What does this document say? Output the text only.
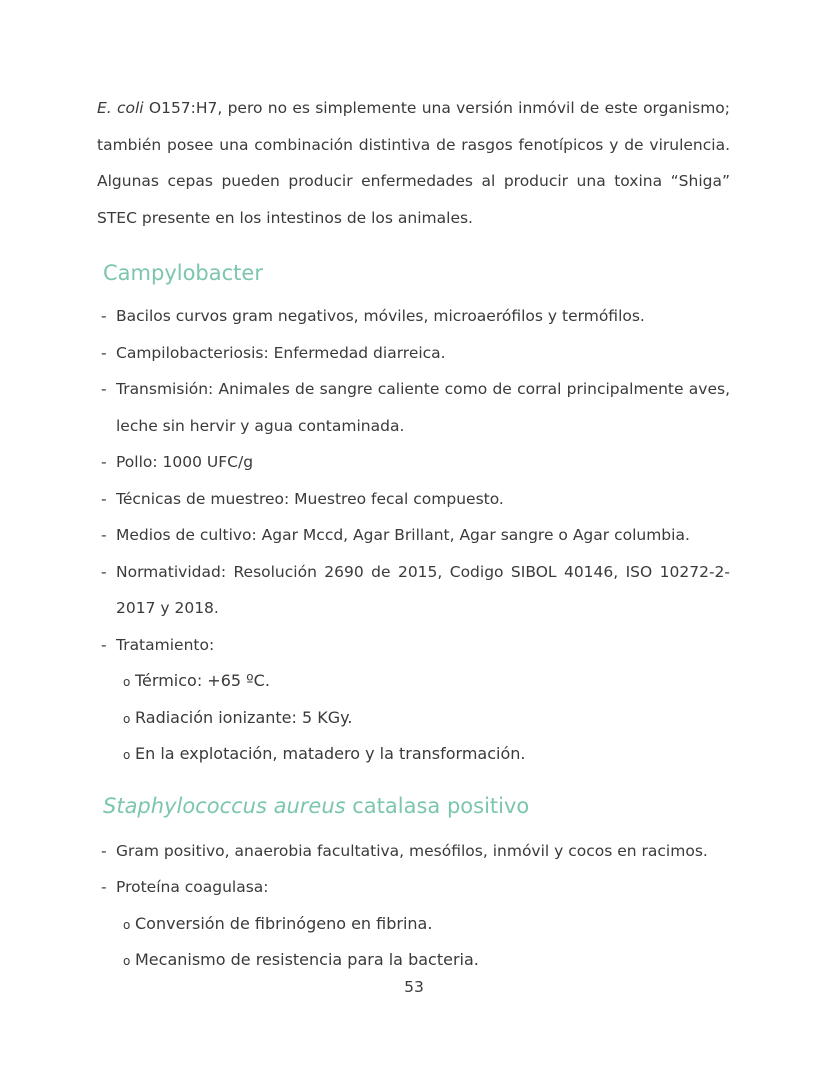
E. coli O157:H7, pero no es simplemente una versión inmóvil de este organismo; también posee una combinación distintiva de rasgos fenotípicos y de virulencia. Algunas cepas pueden producir enfermedades al producir una toxina “Shiga” STEC presente en los intestinos de los animales.

Campylobacter
- Bacilos curvos gram negativos, móviles, microaerófilos y termófilos.
- Campilobacteriosis: Enfermedad diarreica.
- Transmisión: Animales de sangre caliente como de corral principalmente aves, leche sin hervir y agua contaminada.
- Pollo: 1000 UFC/g
- Técnicas de muestreo: Muestreo fecal compuesto.
- Medios de cultivo: Agar Mccd, Agar Brillant, Agar sangre o Agar columbia.
- Normatividad: Resolución 2690 de 2015, Codigo SIBOL 40146, ISO 10272-2-2017 y 2018.
- Tratamiento:
o Térmico: +65 ºC.
o Radiación ionizante: 5 KGy.
o En la explotación, matadero y la transformación.
Staphylococcus aureus catalasa positivo
- Gram positivo, anaerobia facultativa, mesófilos, inmóvil y cocos en racimos.
- Proteína coagulasa:
o Conversión de fibrinógeno en fibrina.
o Mecanismo de resistencia para la bacteria.
53
